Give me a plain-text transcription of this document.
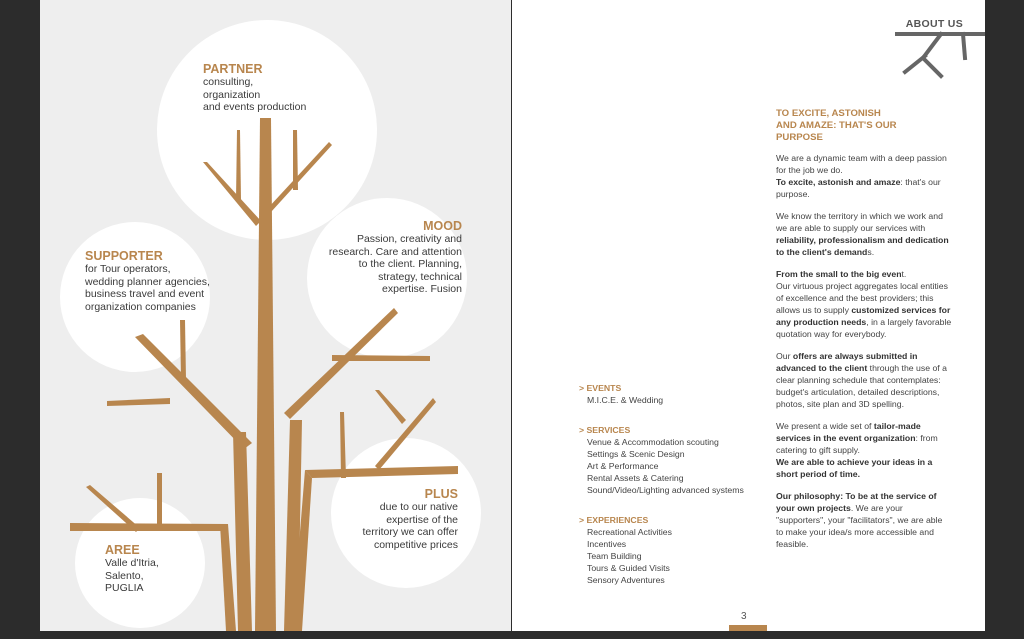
PARTNER
consulting,
organization
and events production
SUPPORTER
for Tour operators,
wedding planner agencies,
business travel and event
organization companies
MOOD
Passion, creativity and
research. Care and attention
to the client. Planning,
strategy, technical
expertise. Fusion
PLUS
due to our native
expertise of the
territory we can offer
competitive prices
AREE
Valle d'Itria,
Salento,
PUGLIA
ABOUT US

TO EXCITE, ASTONISH
AND AMAZE: THAT'S OUR
PURPOSE

We are a dynamic team with a deep passion for the job we do.
To excite, astonish and amaze: that's our purpose.

We know the territory in which we work and we are able to supply our services with reliability, professionalism and dedication to the client's demands.

From the small to the big event.
Our virtuous project aggregates local entities of excellence and the best providers; this allows us to supply customized services for any production needs, in a largely favorable quotation way for everybody.

Our offers are always submitted in advanced to the client through the use of a clear planning schedule that contemplates: budget's articulation, detailed descriptions, photos, site plan and 3D spelling.

We present a wide set of tailor-made services in the event organization: from catering to gift supply.
We are able to achieve your ideas in a short period of time.

Our philosophy: To be at the service of your own projects. We are your "supporters", your "facilitators", we are able to make your idea/s more accessible and feasible.

> EVENTS
M.I.C.E. & Wedding
> SERVICES
Venue & Accommodation scouting
Settings & Scenic Design
Art & Performance
Rental Assets & Catering
Sound/Video/Lighting advanced systems
> EXPERIENCES
Recreational Activities
Incentives
Team Building
Tours & Guided Visits
Sensory Adventures
3
